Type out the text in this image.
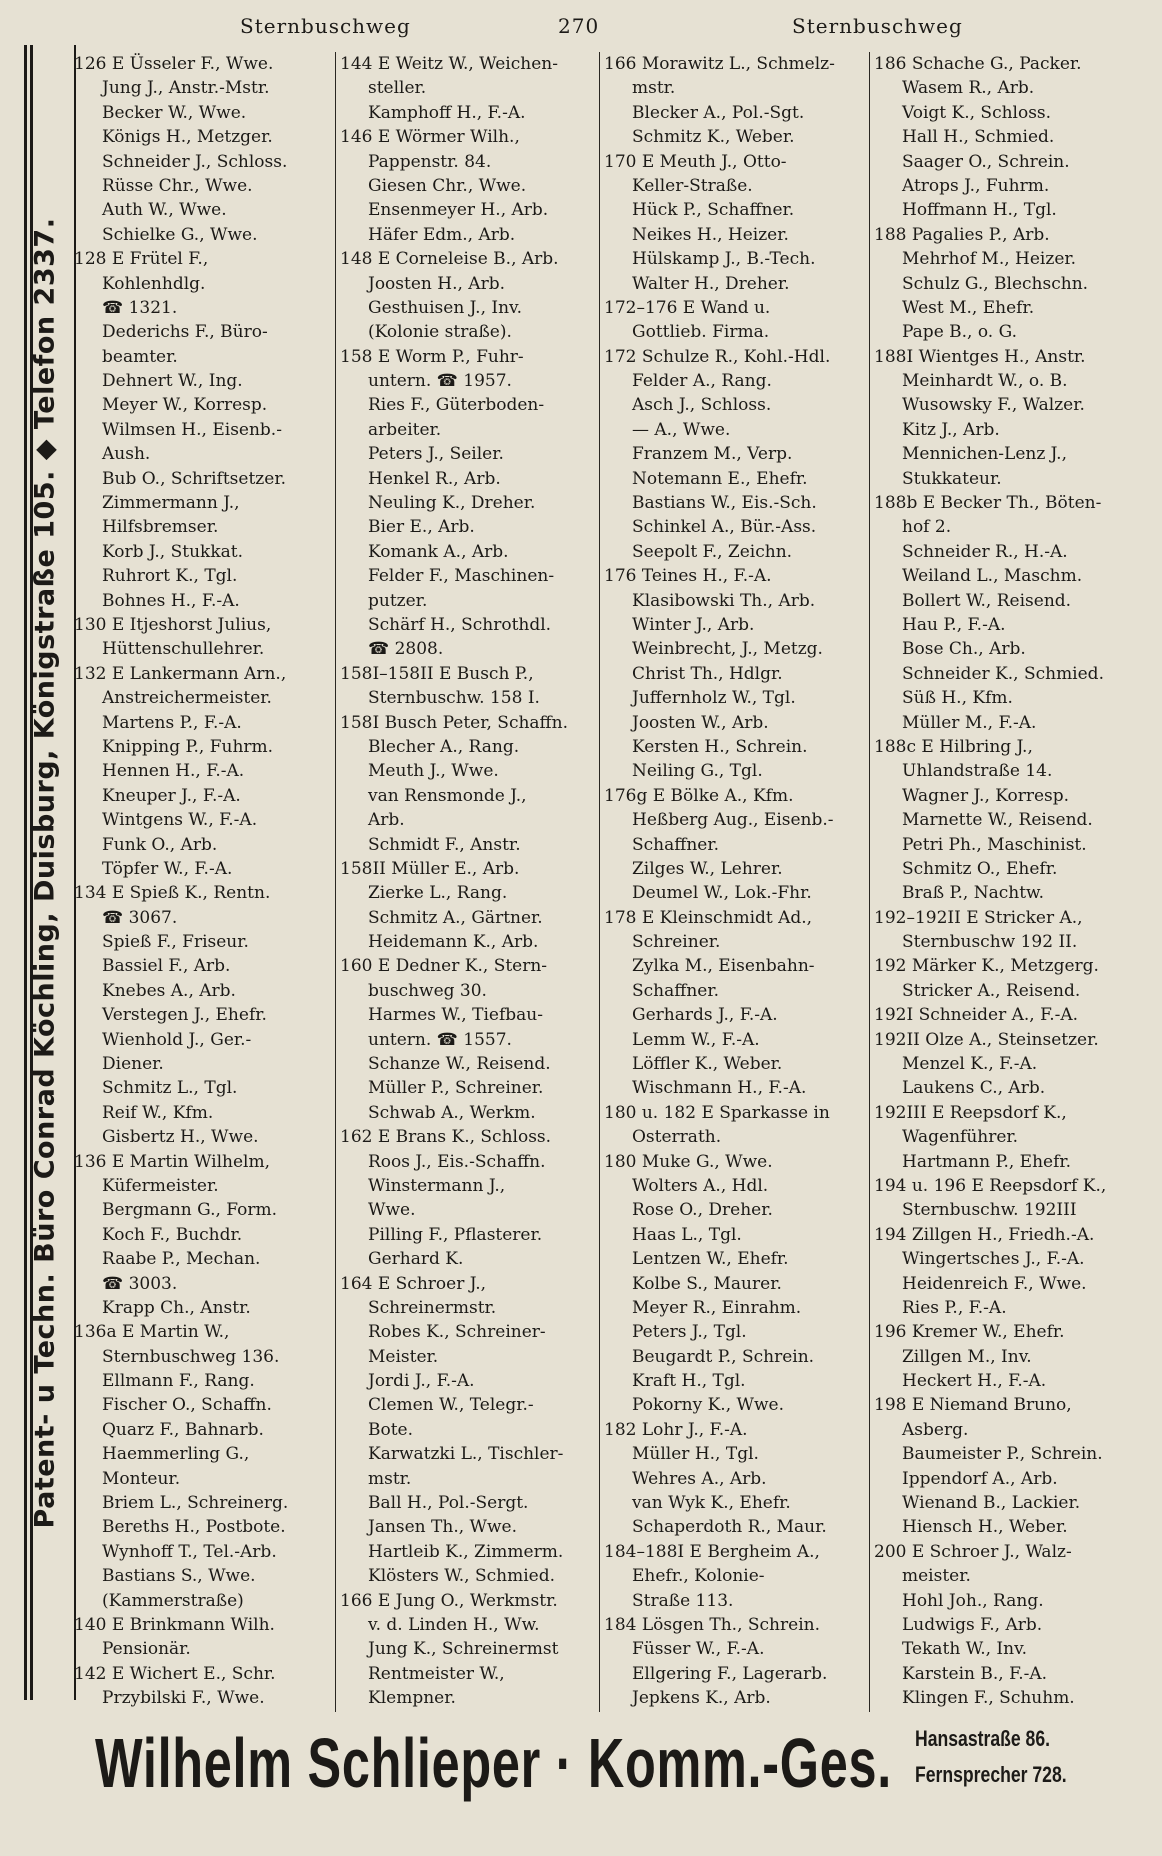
Sternbuschweg	270	Sternbuschweg
Patent- u Techn. Büro Conrad Köchling, Duisburg, Königstraße 105. ◆ Telefon 2337.
126 E Üsseler F., Wwe.
Jung J., Anstr.-Mstr.
Becker W., Wwe.
Königs H., Metzger.
Schneider J., Schloss.
Rüsse Chr., Wwe.
Auth W., Wwe.
Schielke G., Wwe.
128 E Frütel F.,
Kohlenhdlg.
☎ 1321.
Dederichs F., Büro-
beamter.
Dehnert W., Ing.
Meyer W., Korresp.
Wilmsen H., Eisenb.-
Aush.
Bub O., Schriftsetzer.
Zimmermann J.,
Hilfsbremser.
Korb J., Stukkat.
Ruhrort K., Tgl.
Bohnes H., F.-A.
130 E Itjeshorst Julius,
Hüttenschullehrer.
132 E Lankermann Arn.,
Anstreichermeister.
Martens P., F.-A.
Knipping P., Fuhrm.
Hennen H., F.-A.
Kneuper J., F.-A.
Wintgens W., F.-A.
Funk O., Arb.
Töpfer W., F.-A.
134 E Spieß K., Rentn.
☎ 3067.
Spieß F., Friseur.
Bassiel F., Arb.
Knebes A., Arb.
Verstegen J., Ehefr.
Wienhold J., Ger.-
Diener.
Schmitz L., Tgl.
Reif W., Kfm.
Gisbertz H., Wwe.
136 E Martin Wilhelm,
Küfermeister.
Bergmann G., Form.
Koch F., Buchdr.
Raabe P., Mechan.
☎ 3003.
Krapp Ch., Anstr.
136a E Martin W.,
Sternbuschweg 136.
Ellmann F., Rang.
Fischer O., Schaffn.
Quarz F., Bahnarb.
Haemmerling G.,
Monteur.
Briem L., Schreinerg.
Bereths H., Postbote.
Wynhoff T., Tel.-Arb.
Bastians S., Wwe.
(Kammerstraße)
140 E Brinkmann Wilh.
Pensionär.
142 E Wichert E., Schr.
Przybilski F., Wwe.
144 E Weitz W., Weichen-
steller.
Kamphoff H., F.-A.
146 E Wörmer Wilh.,
Pappenstr. 84.
Giesen Chr., Wwe.
Ensenmeyer H., Arb.
Häfer Edm., Arb.
148 E Corneleise B., Arb.
Joosten H., Arb.
Gesthuisen J., Inv.
(Kolonie straße).
158 E Worm P., Fuhr-
untern. ☎ 1957.
Ries F., Güterboden-
arbeiter.
Peters J., Seiler.
Henkel R., Arb.
Neuling K., Dreher.
Bier E., Arb.
Komank A., Arb.
Felder F., Maschinen-
putzer.
Schärf H., Schrothdl.
☎ 2808.
158I–158II E Busch P.,
Sternbuschw. 158 I.
158I Busch Peter, Schaffn.
Blecher A., Rang.
Meuth J., Wwe.
van Rensmonde J.,
Arb.
Schmidt F., Anstr.
158II Müller E., Arb.
Zierke L., Rang.
Schmitz A., Gärtner.
Heidemann K., Arb.
160 E Dedner K., Stern-
buschweg 30.
Harmes W., Tiefbau-
untern. ☎ 1557.
Schanze W., Reisend.
Müller P., Schreiner.
Schwab A., Werkm.
162 E Brans K., Schloss.
Roos J., Eis.-Schaffn.
Winstermann J.,
Wwe.
Pilling F., Pflasterer.
Gerhard K.
164 E Schroer J.,
Schreinermstr.
Robes K., Schreiner-
Meister.
Jordi J., F.-A.
Clemen W., Telegr.-
Bote.
Karwatzki L., Tischler-
mstr.
Ball H., Pol.-Sergt.
Jansen Th., Wwe.
Hartleib K., Zimmerm.
Klösters W., Schmied.
166 E Jung O., Werkmstr.
v. d. Linden H., Ww.
Jung K., Schreinermst
Rentmeister W.,
Klempner.
166 Morawitz L., Schmelz-
mstr.
Blecker A., Pol.-Sgt.
Schmitz K., Weber.
170 E Meuth J., Otto-
Keller-Straße.
Hück P., Schaffner.
Neikes H., Heizer.
Hülskamp J., B.-Tech.
Walter H., Dreher.
172–176 E Wand u.
Gottlieb. Firma.
172 Schulze R., Kohl.-Hdl.
Felder A., Rang.
Asch J., Schloss.
— A., Wwe.
Franzem M., Verp.
Notemann E., Ehefr.
Bastians W., Eis.-Sch.
Schinkel A., Bür.-Ass.
Seepolt F., Zeichn.
176 Teines H., F.-A.
Klasibowski Th., Arb.
Winter J., Arb.
Weinbrecht, J., Metzg.
Christ Th., Hdlgr.
Juffernholz W., Tgl.
Joosten W., Arb.
Kersten H., Schrein.
Neiling G., Tgl.
176g E Bölke A., Kfm.
Heßberg Aug., Eisenb.-
Schaffner.
Zilges W., Lehrer.
Deumel W., Lok.-Fhr.
178 E Kleinschmidt Ad.,
Schreiner.
Zylka M., Eisenbahn-
Schaffner.
Gerhards J., F.-A.
Lemm W., F.-A.
Löffler K., Weber.
Wischmann H., F.-A.
180 u. 182 E Sparkasse in
Osterrath.
180 Muke G., Wwe.
Wolters A., Hdl.
Rose O., Dreher.
Haas L., Tgl.
Lentzen W., Ehefr.
Kolbe S., Maurer.
Meyer R., Einrahm.
Peters J., Tgl.
Beugardt P., Schrein.
Kraft H., Tgl.
Pokorny K., Wwe.
182 Lohr J., F.-A.
Müller H., Tgl.
Wehres A., Arb.
van Wyk K., Ehefr.
Schaperdoth R., Maur.
184–188I E Bergheim A.,
Ehefr., Kolonie-
Straße 113.
184 Lösgen Th., Schrein.
Füsser W., F.-A.
Ellgering F., Lagerarb.
Jepkens K., Arb.
186 Schache G., Packer.
Wasem R., Arb.
Voigt K., Schloss.
Hall H., Schmied.
Saager O., Schrein.
Atrops J., Fuhrm.
Hoffmann H., Tgl.
188 Pagalies P., Arb.
Mehrhof M., Heizer.
Schulz G., Blechschn.
West M., Ehefr.
Pape B., o. G.
188I Wientges H., Anstr.
Meinhardt W., o. B.
Wusowsky F., Walzer.
Kitz J., Arb.
Mennichen-Lenz J.,
Stukkateur.
188b E Becker Th., Böten-
hof 2.
Schneider R., H.-A.
Weiland L., Maschm.
Bollert W., Reisend.
Hau P., F.-A.
Bose Ch., Arb.
Schneider K., Schmied.
Süß H., Kfm.
Müller M., F.-A.
188c E Hilbring J.,
Uhlandstraße 14.
Wagner J., Korresp.
Marnette W., Reisend.
Petri Ph., Maschinist.
Schmitz O., Ehefr.
Braß P., Nachtw.
192–192II E Stricker A.,
Sternbuschw 192 II.
192 Märker K., Metzgerg.
Stricker A., Reisend.
192I Schneider A., F.-A.
192II Olze A., Steinsetzer.
Menzel K., F.-A.
Laukens C., Arb.
192III E Reepsdorf K.,
Wagenführer.
Hartmann P., Ehefr.
194 u. 196 E Reepsdorf K.,
Sternbuschw. 192III
194 Zillgen H., Friedh.-A.
Wingertsches J., F.-A.
Heidenreich F., Wwe.
Ries P., F.-A.
196 Kremer W., Ehefr.
Zillgen M., Inv.
Heckert H., F.-A.
198 E Niemand Bruno,
Asberg.
Baumeister P., Schrein.
Ippendorf A., Arb.
Wienand B., Lackier.
Hiensch H., Weber.
200 E Schroer J., Walz-
meister.
Hohl Joh., Rang.
Ludwigs F., Arb.
Tekath W., Inv.
Karstein B., F.-A.
Klingen F., Schuhm.
Wilhelm Schlieper · Komm.-Ges. Hansastraße 86.
Fernsprecher 728.
